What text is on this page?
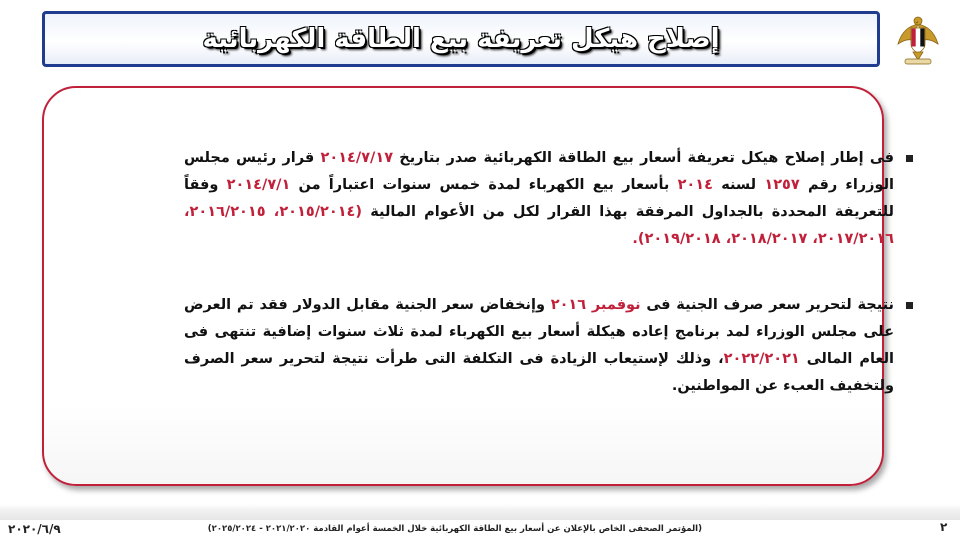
إصلاح هيكل تعريفة بيع الطاقة الكهربائية

فى إطار إصلاح هيكل تعريفة أسعار بيع الطاقة الكهربائية صدر بتاريخ ٢٠١٤/٧/١٧ قرار رئيس مجلس الوزراء رقم ١٢٥٧ لسنه ٢٠١٤ بأسعار بيع الكهرباء لمدة خمس سنوات اعتباراً من ٢٠١٤/٧/١ وفقاً للتعريفة المحددة بالجداول المرفقة بهذا القرار لكل من الأعوام المالية (٢٠١٥/٢٠١٤، ٢٠١٦/٢٠١٥، ٢٠١٧/٢٠١٦، ٢٠١٨/٢٠١٧، ٢٠١٩/٢٠١٨).

نتيجة لتحرير سعر صرف الجنية فى نوفمبر ٢٠١٦ وإنخفاض سعر الجنية مقابل الدولار فقد تم العرض على مجلس الوزراء لمد برنامج إعاده هيكلة أسعار بيع الكهرباء لمدة ثلاث سنوات إضافية تنتهى فى العام المالى ٢٠٢٢/٢٠٢١، وذلك لإستيعاب الزيادة فى التكلفة التى طرأت نتيجة لتحرير سعر الصرف ولتخفيف العبء عن المواطنين.

٢٠٢٠/٦/٩	(المؤتمر الصحفى الخاص بالإعلان عن أسعار بيع الطاقة الكهربائية خلال الخمسة أعوام القادمة ٢٠٢١/٢٠٢٠ - ٢٠٢٥/٢٠٢٤)	٢
